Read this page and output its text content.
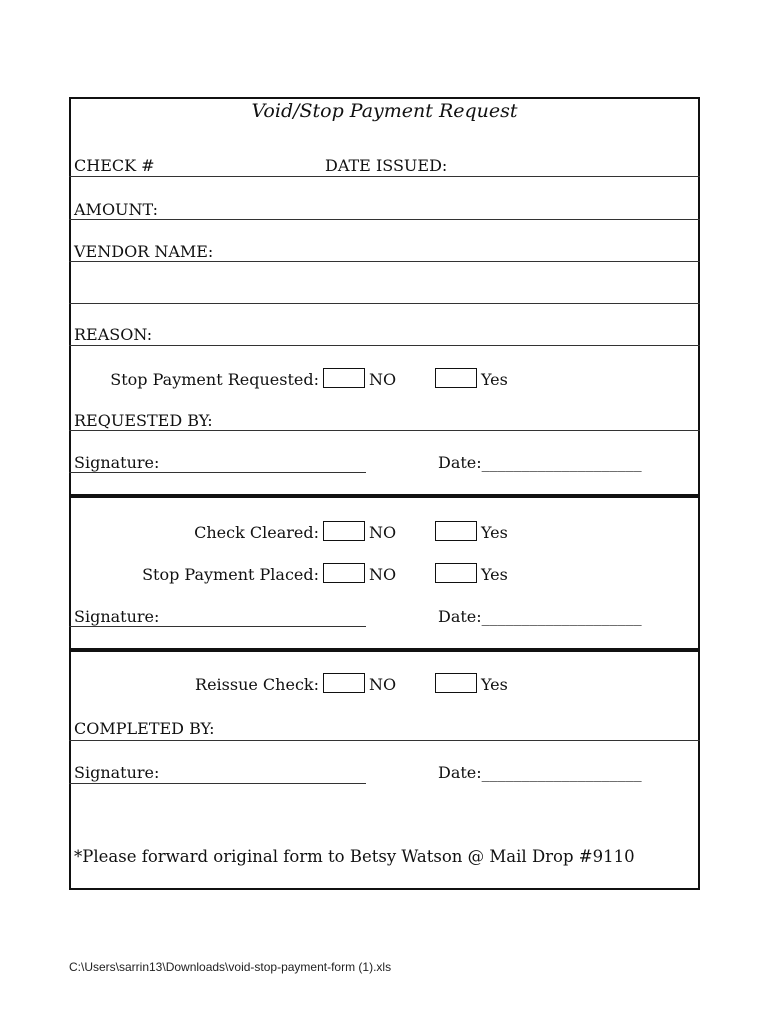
Void/Stop Payment Request
CHECK #	DATE ISSUED:
AMOUNT:
VENDOR NAME:
REASON:
Stop Payment Requested:	NO	Yes
REQUESTED BY:
Signature:	Date:____________________
Check Cleared:	NO	Yes
Stop Payment Placed:	NO	Yes
Signature:	Date:____________________
Reissue Check:	NO	Yes
COMPLETED BY:
Signature:	Date:____________________
*Please forward original form to Betsy Watson @ Mail Drop #9110
C:\Users\sarrin13\Downloads\void-stop-payment-form (1).xls
